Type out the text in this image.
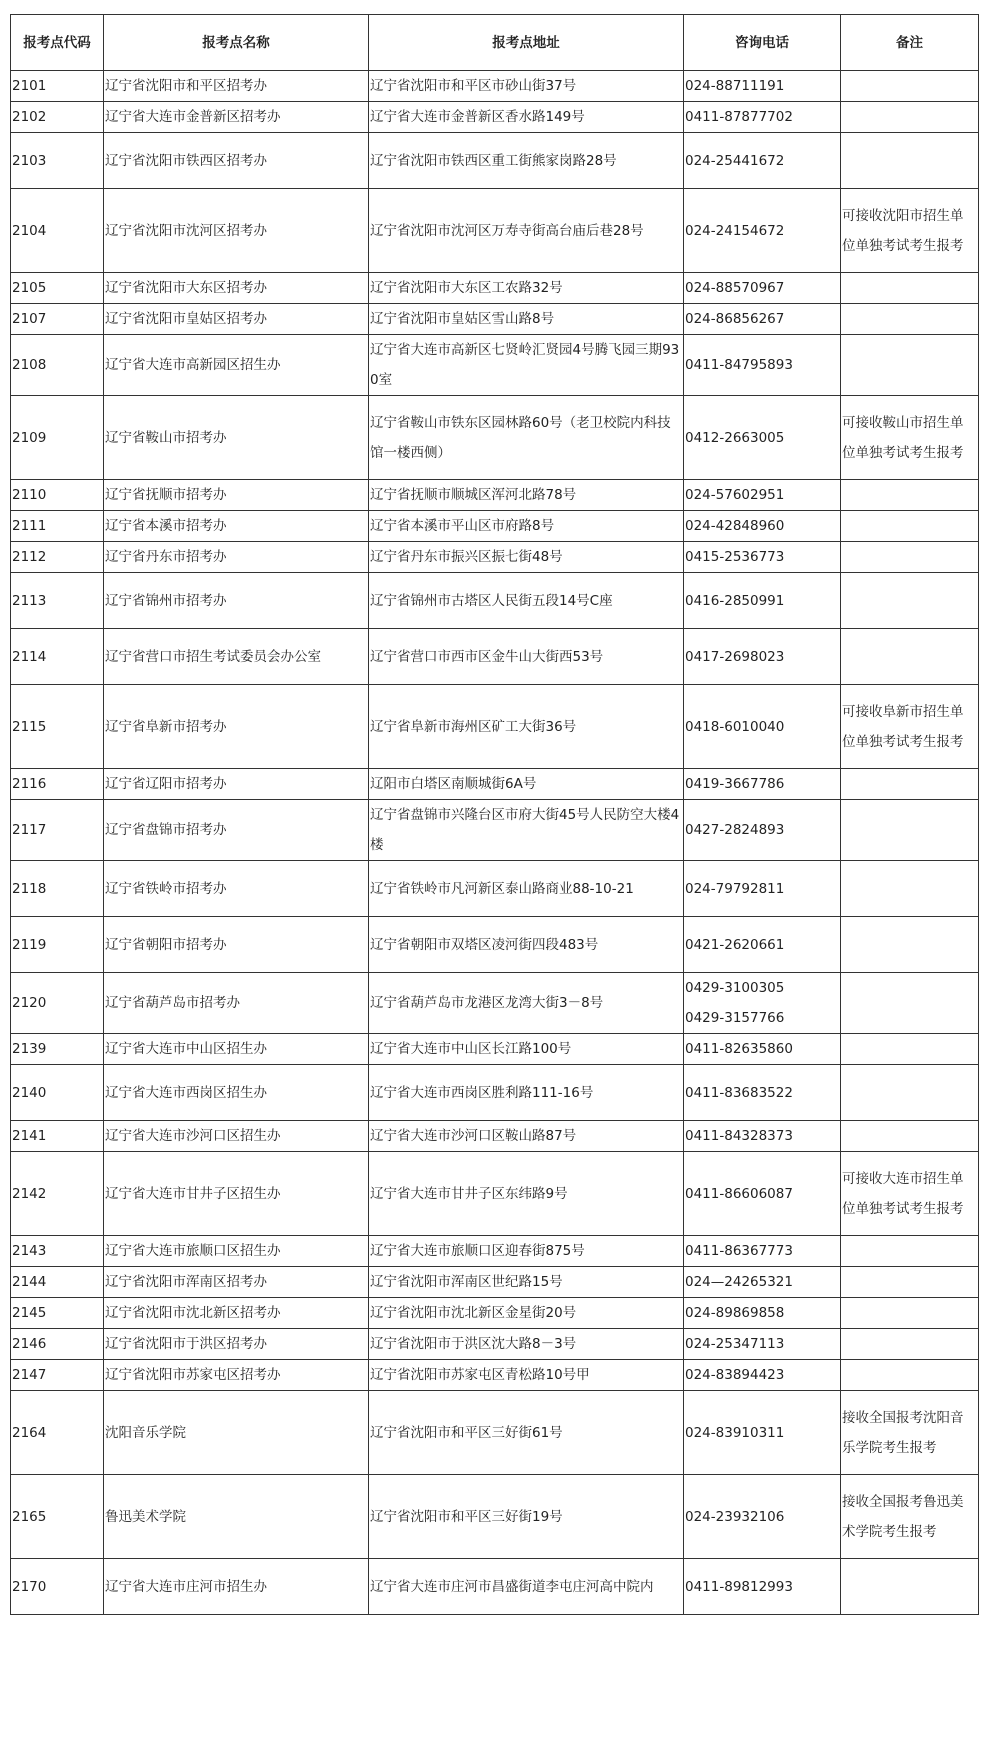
报考点代码	报考点名称	报考点地址	咨询电话	备注
2101	辽宁省沈阳市和平区招考办	辽宁省沈阳市和平区市砂山街37号	024-88711191	

2102	辽宁省大连市金普新区招考办	辽宁省大连市金普新区香水路149号	0411-87877702	

2103	辽宁省沈阳市铁西区招考办	辽宁省沈阳市铁西区重工街熊家岗路28号	024-25441672	

2104	辽宁省沈阳市沈河区招考办	辽宁省沈阳市沈河区万寿寺街高台庙后巷28号	024-24154672	可接收沈阳市招生单位单独考试考生报考
2105	辽宁省沈阳市大东区招考办	辽宁省沈阳市大东区工农路32号	024-88570967	

2107	辽宁省沈阳市皇姑区招考办	辽宁省沈阳市皇姑区雪山路8号	024-86856267	

2108	辽宁省大连市高新园区招生办	辽宁省大连市高新区七贤岭汇贤园4号腾飞园三期930室	0411-84795893	

2109	辽宁省鞍山市招考办	辽宁省鞍山市铁东区园林路60号（老卫校院内科技馆一楼西侧）	0412-2663005	可接收鞍山市招生单位单独考试考生报考
2110	辽宁省抚顺市招考办	辽宁省抚顺市顺城区浑河北路78号	024-57602951	

2111	辽宁省本溪市招考办	辽宁省本溪市平山区市府路8号	024-42848960	

2112	辽宁省丹东市招考办	辽宁省丹东市振兴区振七街48号	0415-2536773	

2113	辽宁省锦州市招考办	辽宁省锦州市古塔区人民街五段14号C座	0416-2850991	

2114	辽宁省营口市招生考试委员会办公室	辽宁省营口市西市区金牛山大街西53号	0417-2698023	

2115	辽宁省阜新市招考办	辽宁省阜新市海州区矿工大街36号	0418-6010040	可接收阜新市招生单位单独考试考生报考
2116	辽宁省辽阳市招考办	辽阳市白塔区南顺城街6A号	0419-3667786	

2117	辽宁省盘锦市招考办	辽宁省盘锦市兴隆台区市府大街45号人民防空大楼4楼	0427-2824893	

2118	辽宁省铁岭市招考办	辽宁省铁岭市凡河新区泰山路商业88-10-21	024-79792811	

2119	辽宁省朝阳市招考办	辽宁省朝阳市双塔区凌河街四段483号	0421-2620661	

2120	辽宁省葫芦岛市招考办	辽宁省葫芦岛市龙港区龙湾大街3－8号	0429-3100305
0429-3157766	

2139	辽宁省大连市中山区招生办	辽宁省大连市中山区长江路100号	0411-82635860	

2140	辽宁省大连市西岗区招生办	辽宁省大连市西岗区胜利路111-16号	0411-83683522	

2141	辽宁省大连市沙河口区招生办	辽宁省大连市沙河口区鞍山路87号	0411-84328373	

2142	辽宁省大连市甘井子区招生办	辽宁省大连市甘井子区东纬路9号	0411-86606087	可接收大连市招生单位单独考试考生报考
2143	辽宁省大连市旅顺口区招生办	辽宁省大连市旅顺口区迎春街875号	0411-86367773	

2144	辽宁省沈阳市浑南区招考办	辽宁省沈阳市浑南区世纪路15号	024—24265321	

2145	辽宁省沈阳市沈北新区招考办	辽宁省沈阳市沈北新区金星街20号	024-89869858	

2146	辽宁省沈阳市于洪区招考办	辽宁省沈阳市于洪区沈大路8－3号	024-25347113	

2147	辽宁省沈阳市苏家屯区招考办	辽宁省沈阳市苏家屯区青松路10号甲	024-83894423	

2164	沈阳音乐学院	辽宁省沈阳市和平区三好街61号	024-83910311	接收全国报考沈阳音乐学院考生报考
2165	鲁迅美术学院	辽宁省沈阳市和平区三好街19号	024-23932106	接收全国报考鲁迅美术学院考生报考
2170	辽宁省大连市庄河市招生办	辽宁省大连市庄河市昌盛街道李屯庄河高中院内	0411-89812993	
